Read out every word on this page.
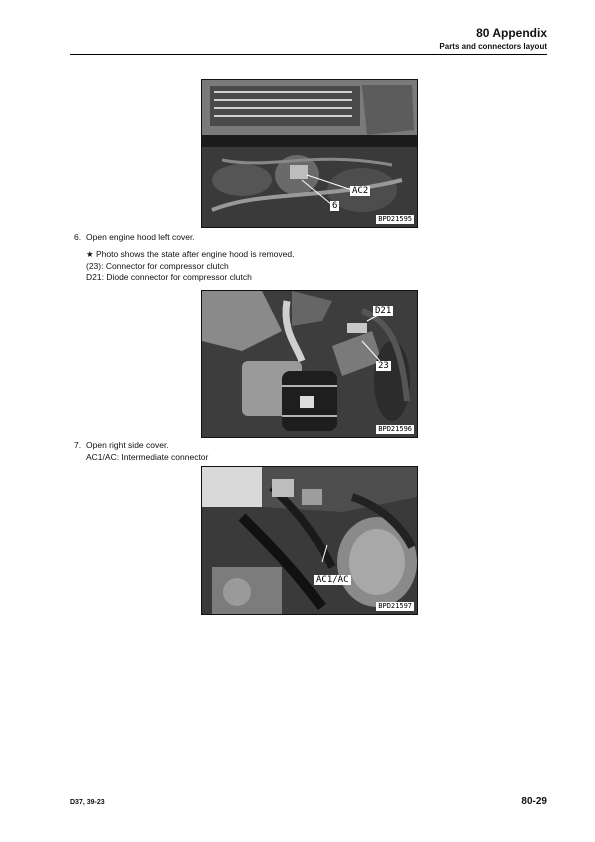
80 Appendix
Parts and connectors layout
AC2
6
BPD21595
6. Open engine hood left cover.
★ Photo shows the state after engine hood is removed.
(23): Connector for compressor clutch
D21: Diode connector for compressor clutch
D21
23
BPD21596
7. Open right side cover.
AC1/AC: Intermediate connector
AC1/AC
BPD21597
D37, 39-23	80-29
